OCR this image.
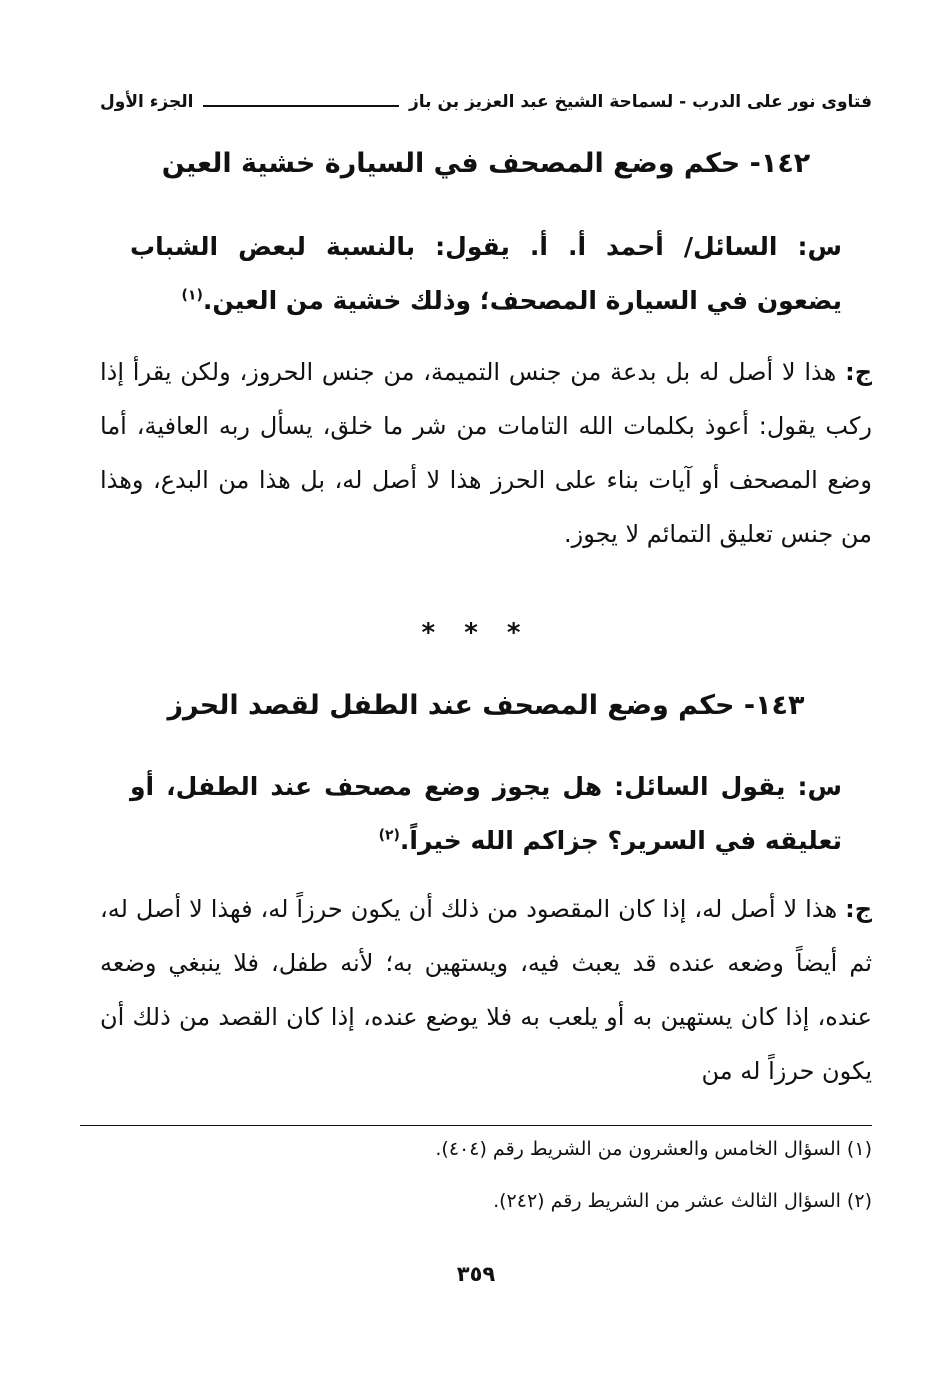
فتاوى نور على الدرب - لسماحة الشيخ عبد العزيز بن باز
الجزء الأول
١٤٢- حكم وضع المصحف في السيارة خشية العين
س: السائل/ أحمد أ. أ. يقول: بالنسبة لبعض الشباب يضعون في السيارة المصحف؛ وذلك خشية من العين.$^{(١)}$
ج: هذا لا أصل له بل بدعة من جنس التميمة، من جنس الحروز، ولكن يقرأ إذا ركب يقول: أعوذ بكلمات الله التامات من شر ما خلق، يسأل ربه العافية، أما وضع المصحف أو آيات بناء على الحرز هذا لا أصل له، بل هذا من البدع، وهذا من جنس تعليق التمائم لا يجوز.
* * *
١٤٣- حكم وضع المصحف عند الطفل لقصد الحرز
س: يقول السائل: هل يجوز وضع مصحف عند الطفل، أو تعليقه في السرير؟ جزاكم الله خيراً.$^{(٢)}$
ج: هذا لا أصل له، إذا كان المقصود من ذلك أن يكون حرزاً له، فهذا لا أصل له، ثم أيضاً وضعه عنده قد يعبث فيه، ويستهين به؛ لأنه طفل، فلا ينبغي وضعه عنده، إذا كان يستهين به أو يلعب به فلا يوضع عنده، إذا كان القصد من ذلك أن يكون حرزاً له من
(١) السؤال الخامس والعشرون من الشريط رقم (٤٠٤).
(٢) السؤال الثالث عشر من الشريط رقم (٢٤٢).
٣٥٩
